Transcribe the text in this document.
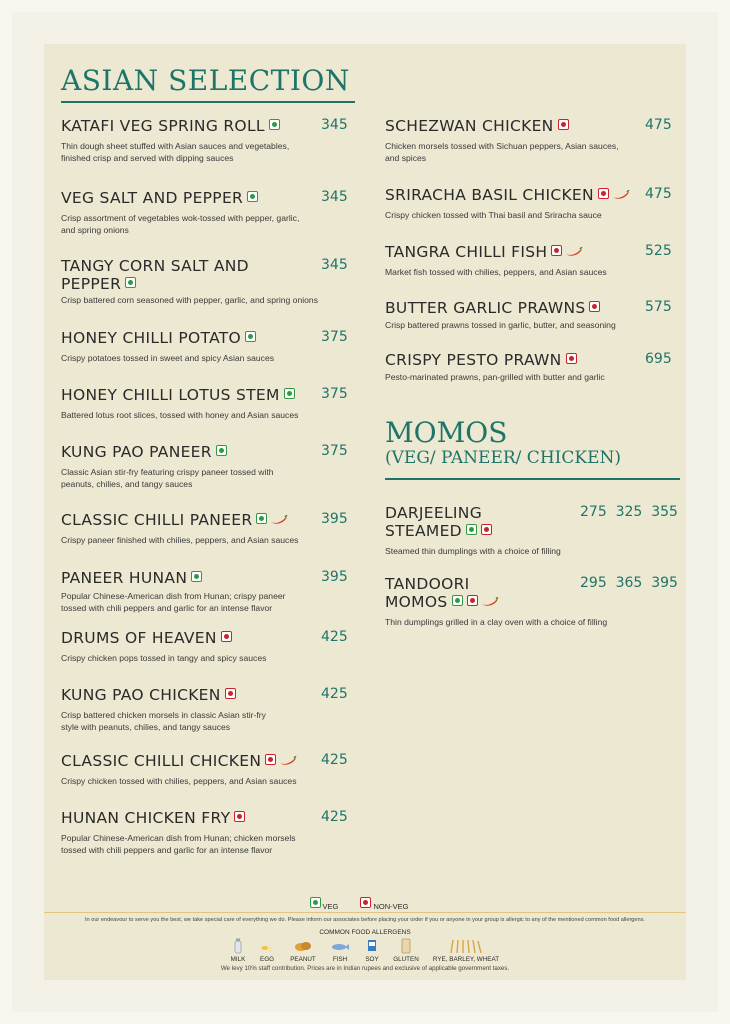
ASIAN SELECTION
KATAFI VEG SPRING ROLL	345
Thin dough sheet stuffed with Asian sauces and vegetables, finished crisp and served with dipping sauces
VEG SALT AND PEPPER	345
Crisp assortment of vegetables wok-tossed with pepper, garlic, and spring onions
TANGY CORN SALT AND PEPPER
345
Crisp battered corn seasoned with pepper, garlic, and spring onions
HONEY CHILLI POTATO	375
Crispy potatoes tossed in sweet and spicy Asian sauces
HONEY CHILLI LOTUS STEM	375
Battered lotus root slices, tossed with honey and Asian sauces
KUNG PAO PANEER	375
Classic Asian stir-fry featuring crispy paneer tossed with peanuts, chilies, and tangy sauces
CLASSIC CHILLI PANEER	395
Crispy paneer finished with chilies, peppers, and Asian sauces
PANEER HUNAN	395
Popular Chinese-American dish from Hunan; crispy paneer tossed with chili peppers and garlic for an intense flavor
DRUMS OF HEAVEN	425
Crispy chicken pops tossed in tangy and spicy sauces
KUNG PAO CHICKEN	425
Crisp battered chicken morsels in classic Asian stir-fry style with peanuts, chilies, and tangy sauces
CLASSIC CHILLI CHICKEN	425
Crispy chicken tossed with chilies, peppers, and Asian sauces
HUNAN CHICKEN FRY	425
Popular Chinese-American dish from Hunan; chicken morsels tossed with chili peppers and garlic for an intense flavor
SCHEZWAN CHICKEN	475
Chicken morsels tossed with Sichuan peppers, Asian sauces, and spices
SRIRACHA BASIL CHICKEN	475
Crispy chicken tossed with Thai basil and Sriracha sauce
TANGRA CHILLI FISH	525
Market fish tossed with chilies, peppers, and Asian sauces
BUTTER GARLIC PRAWNS	575
Crisp battered prawns tossed in garlic, butter, and seasoning
CRISPY PESTO PRAWN	695
Pesto-marinated prawns, pan-grilled with butter and garlic
MOMOS
(VEG/ PANEER/ CHICKEN)
DARJEELING STEAMED
275  325  355
Steamed thin dumplings with a choice of filling
TANDOORI MOMOS
295  365  395
Thin dumplings grilled in a clay oven with a choice of filling
VEG	NON-VEG
In our endeavour to serve you the best, we take special care of everything we do. Please inform our associates before placing your order if you or anyone in your group is allergic to any of the mentioned common food allergens.
COMMON FOOD ALLERGENS
MILK	EGG	PEANUT	FISH	SOY	GLUTEN	RYE, BARLEY, WHEAT
We levy 10% staff contribution. Prices are in Indian rupees and exclusive of applicable government taxes.
